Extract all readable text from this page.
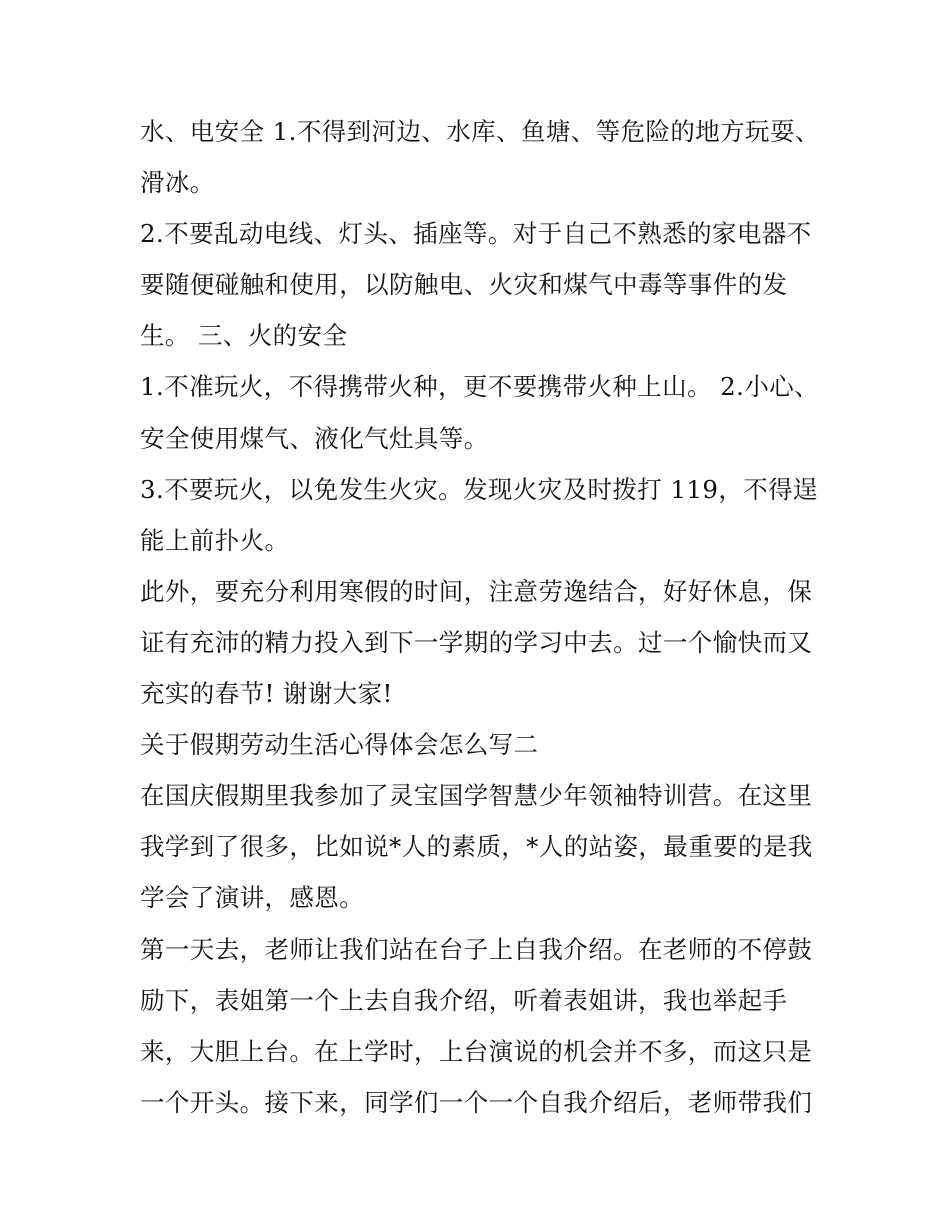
水、电安全 1.不得到河边、水库、鱼塘、等危险的地方玩耍、
滑冰。
2.不要乱动电线、灯头、插座等。对于自己不熟悉的家电器不
要随便碰触和使用，以防触电、火灾和煤气中毒等事件的发
生。 三、火的安全
1.不准玩火，不得携带火种，更不要携带火种上山。 2.小心、
安全使用煤气、液化气灶具等。
3.不要玩火，以免发生火灾。发现火灾及时拨打 119，不得逞
能上前扑火。
此外，要充分利用寒假的时间，注意劳逸结合，好好休息，保
证有充沛的精力投入到下一学期的学习中去。过一个愉快而又
充实的春节! 谢谢大家!
关于假期劳动生活心得体会怎么写二
在国庆假期里我参加了灵宝国学智慧少年领袖特训营。在这里
我学到了很多，比如说*人的素质，*人的站姿，最重要的是我
学会了演讲，感恩。
第一天去，老师让我们站在台子上自我介绍。在老师的不停鼓
励下，表姐第一个上去自我介绍，听着表姐讲，我也举起手
来，大胆上台。在上学时，上台演说的机会并不多，而这只是
一个开头。接下来，同学们一个一个自我介绍后，老师带我们
